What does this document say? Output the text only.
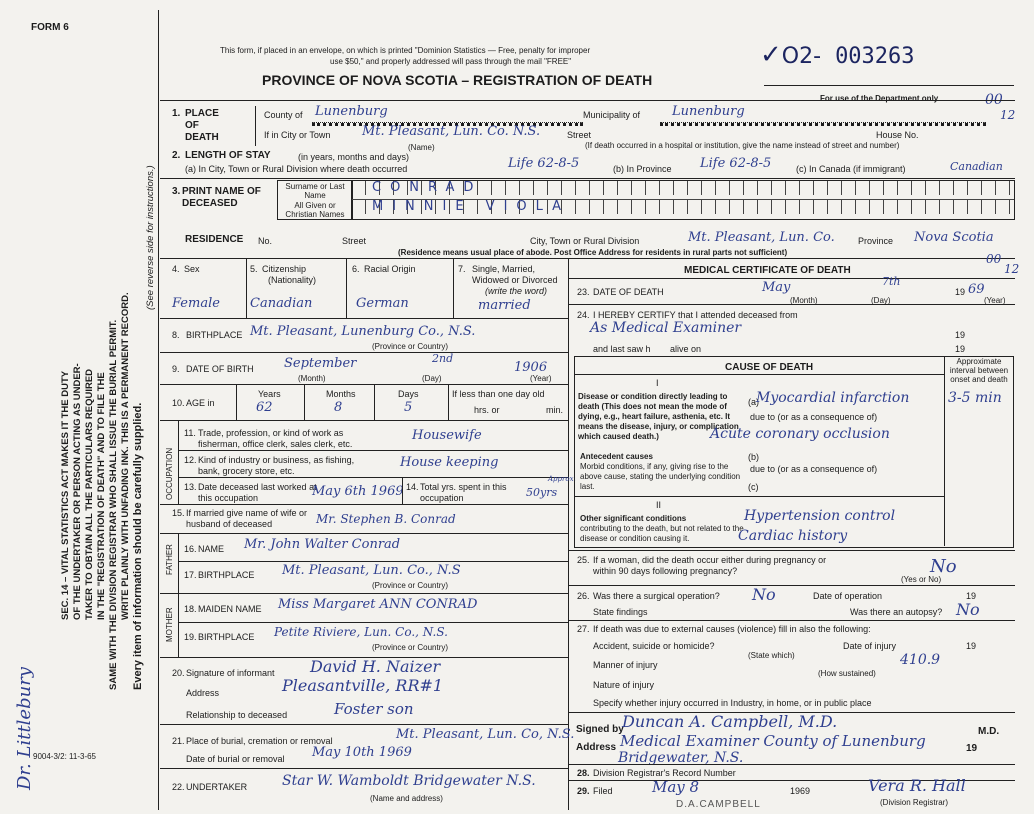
FORM 6
This form, if placed in an envelope, on which is printed "Dominion Statistics — Free, penalty for improper
use $50," and properly addressed will pass through the mail "FREE"
PROVINCE OF NOVA SCOTIA – REGISTRATION OF DEATH
✓O2- 003263
For use of the Department only	00
12
SEC. 14 – VITAL STATISTICS ACT MAKES IT THE DUTY OF THE UNDERTAKER OR PERSON ACTING AS UNDER- TAKER TO OBTAIN ALL THE PARTICULARS REQUIRED IN THE "REGISTRATION OF DEATH" AND TO FILE THE SAME WITH THE DIVISION REGISTRAR WHO SHALL ISSUE THE BURIAL PERMIT. WRITE PLAINLY WITH UNFADING INK. THIS IS A PERMANENT RECORD. Every item of information should be carefully supplied.
(See reverse side for instructions.)
Dr. Littlebury
9004-3/2: 11-3-65
1. PLACE OF DEATH
County of Lunenburg	Municipality of Lunenburg
If in City or Town Mt. Pleasant, Lun. Co. N.S.
(Name)
Street
(If death occurred in a hospital or institution, give the name instead of street and number)
House No.
2. LENGTH OF STAY	(in years, months and days)
(a) In City, Town or Rural Division where death occurred	Life 62-8-5	(b) In Province Life 62-8-5	(c) In Canada (if immigrant)	Canadian
3. PRINT NAME OF DECEASED
Surname or Last Name
All Given or Christian Names
CONRAD
MINNIE VIOLA
RESIDENCE No.	Street	City, Town or Rural Division	Mt. Pleasant, Lun. Co.	Province Nova Scotia
(Residence means usual place of abode. Post Office Address for residents in rural parts not sufficient)
4. Sex
Female
5. Citizenship
(Nationality)
Canadian
6. Racial Origin
German
7. Single, Married, Widowed or Divorced
(write the word)
married
8. BIRTHPLACE Mt. Pleasant, Lunenburg Co., N.S.
(Province or Country)
9. DATE OF BIRTH September	2nd
1906
(Month)	(Day)	(Year)
10. AGE in
Years
62
Months
8
Days
5
If less than one day old
hrs. or	min.
OCCUPATION
11. Trade, profession, or kind of work as fisherman, office clerk, sales clerk, etc.
Housewife
12. Kind of industry or business, as fishing, bank, grocery store, etc.
House keeping
13. Date deceased last worked at this occupation	May 6th 1969 14. Total yrs. spent in this occupation	50yrs
Approx.
15. If married give name of wife or husband of deceased	Mr. Stephen B. Conrad
FATHER 16. NAME Mr. John Walter Conrad
17. BIRTHPLACE Mt. Pleasant, Lun. Co., N.S
(Province or Country)
MOTHER 18. MAIDEN NAME Miss Margaret ANN CONRAD
19. BIRTHPLACE Petite Riviere, Lun. Co., N.S.
(Province or Country)
20. Signature of informant David H. Naizer
Address	Pleasantville, RR#1
Relationship to deceased	Foster son
21. Place of burial, cremation or removal	Mt. Pleasant, Lun. Co, N.S.
Date of burial or removal May 10th 1969
22. UNDERTAKER Star W. Wamboldt Bridgewater N.S.
(Name and address)
MEDICAL CERTIFICATE OF DEATH
00
12
23. DATE OF DEATH	May	7th
19 69
(Month)	(Day)	(Year)
24. I HEREBY CERTIFY that I attended deceased from
As Medical Examiner	19
and last saw h alive on	19
CAUSE OF DEATH
Approximate interval between onset and death
I
Disease or condition directly leading to death (This does not mean the mode of dying, e.g., heart failure, asthenia, etc. It means the disease, injury, or complication which caused death.)
(a)
Myocardial infarction	3-5 min
due to (or as a consequence of)
Acute coronary occlusion
Antecedent causes
Morbid conditions, if any, giving rise to the above cause, stating the underlying condition last.
(b)
due to (or as a consequence of)
(c)
II
Other significant conditions
contributing to the death, but not related to the disease or condition causing it.
Hypertension control
Cardiac history
25. If a woman, did the death occur either during pregnancy or within 90 days following pregnancy?	No
(Yes or No)
26. Was there a surgical operation? No	Date of operation	19
State findings	Was there an autopsy? No
27. If death was due to external causes (violence) fill in also the following:
Accident, suicide or homicide?
(State which)
Date of injury	19
410.9
Manner of injury
(How sustained)
Nature of injury
Specify whether injury occurred in Industry, in home, or in public place
Signed by
Duncan A. Campbell, M.D.
M.D.
Address Medical Examiner County of Lunenburg	19
Bridgewater, N.S.
28. Division Registrar's Record Number
29. Filed	May 8	1969	Vera R. Hall
(Division Registrar)
D.A.CAMPBELL
